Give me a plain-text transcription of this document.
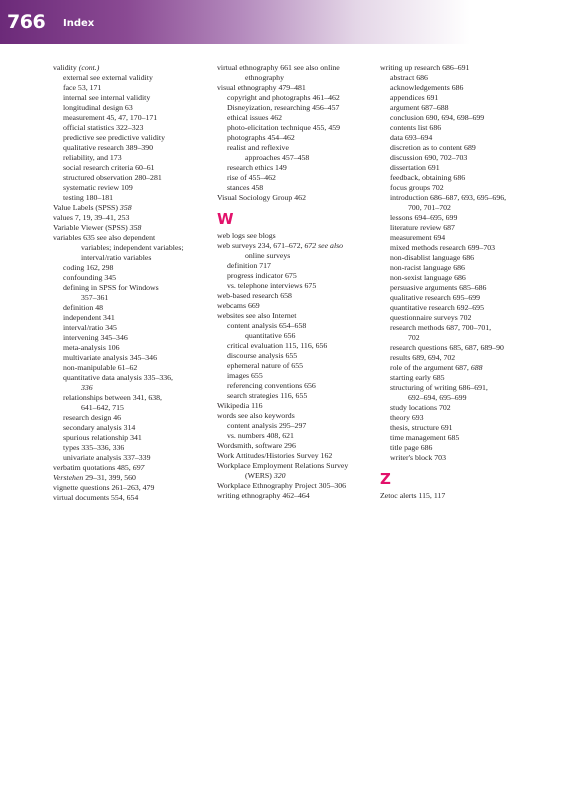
766 Index
validity (cont.)
external see external validity
face 53, 171
internal see internal validity
longitudinal design 63
measurement 45, 47, 170–171
official statistics 322–323
predictive see predictive validity
qualitative research 389–390
reliability, and 173
social research criteria 60–61
structured observation 280–281
systematic review 109
testing 180–181
Value Labels (SPSS) 358
values 7, 19, 39–41, 253
Variable Viewer (SPSS) 358
variables 635 see also dependent
variables; independent variables;
interval/ratio variables
coding 162, 298
confounding 345
defining in SPSS for Windows
357–361
definition 48
independent 341
interval/ratio 345
intervening 345–346
meta-analysis 106
multivariate analysis 345–346
non-manipulable 61–62
quantitative data analysis 335–336,
336
relationships between 341, 638,
641–642, 715
research design 46
secondary analysis 314
spurious relationship 341
types 335–336, 336
univariate analysis 337–339
verbatim quotations 485, 697
Verstehen 29–31, 399, 560
vignette questions 261–263, 479
virtual documents 554, 654
virtual ethnography 661 see also online
ethnography
visual ethnography 479–481
copyright and photographs 461–462
Disneyization, researching 456–457
ethical issues 462
photo-elicitation technique 455, 459
photographs 454–462
realist and reflexive
approaches 457–458
research ethics 149
rise of 455–462
stances 458
Visual Sociology Group 462
W
web logs see blogs
web surveys 234, 671–672, 672 see also
online surveys
definition 717
progress indicator 675
vs. telephone interviews 675
web-based research 658
webcams 669
websites see also Internet
content analysis 654–658
quantitative 656
critical evaluation 115, 116, 656
discourse analysis 655
ephemeral nature of 655
images 655
referencing conventions 656
search strategies 116, 655
Wikipedia 116
words see also keywords
content analysis 295–297
vs. numbers 408, 621
Wordsmith, software 296
Work Attitudes/Histories Survey 162
Workplace Employment Relations Survey
(WERS) 320
Workplace Ethnography Project 305–306
writing ethnography 462–464
writing up research 686–691
abstract 686
acknowledgements 686
appendices 691
argument 687–688
conclusion 690, 694, 698–699
contents list 686
data 693–694
discretion as to content 689
discussion 690, 702–703
dissertation 691
feedback, obtaining 686
focus groups 702
introduction 686–687, 693, 695–696,
700, 701–702
lessons 694–695, 699
literature review 687
measurement 694
mixed methods research 699–703
non-disablist language 686
non-racist language 686
non-sexist language 686
persuasive arguments 685–686
qualitative research 695–699
quantitative research 692–695
questionnaire surveys 702
research methods 687, 700–701,
702
research questions 685, 687, 689–90
results 689, 694, 702
role of the argument 687, 688
starting early 685
structuring of writing 686–691,
692–694, 695–699
study locations 702
theory 693
thesis, structure 691
time management 685
title page 686
writer's block 703
Z
Zetoc alerts 115, 117
